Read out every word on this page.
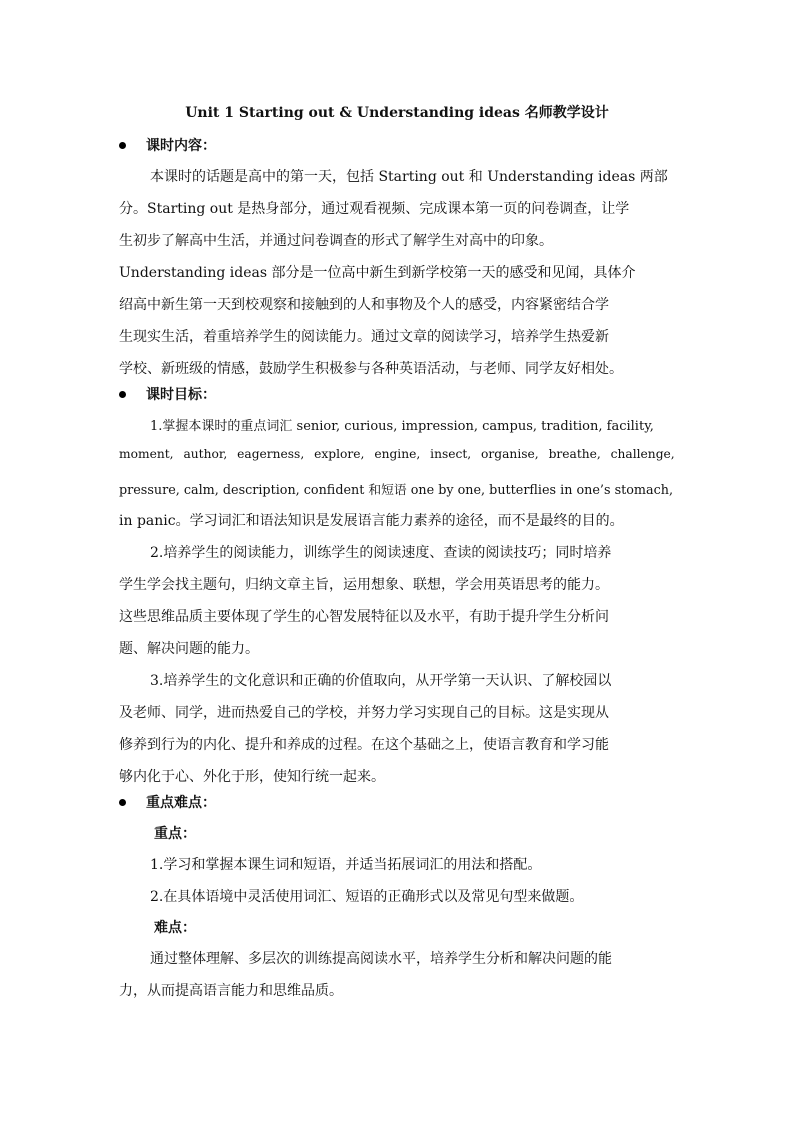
Unit 1 Starting out & Understanding ideas 名师教学设计
课时内容：
本课时的话题是高中的第一天，包括 Starting out 和 Understanding ideas 两部
分。Starting out 是热身部分，通过观看视频、完成课本第一页的问卷调查，让学
生初步了解高中生活，并通过问卷调查的形式了解学生对高中的印象。
Understanding ideas 部分是一位高中新生到新学校第一天的感受和见闻，具体介
绍高中新生第一天到校观察和接触到的人和事物及个人的感受，内容紧密结合学
生现实生活，着重培养学生的阅读能力。通过文章的阅读学习，培养学生热爱新
学校、新班级的情感，鼓励学生积极参与各种英语活动，与老师、同学友好相处。
课时目标：
1.掌握本课时的重点词汇 senior, curious, impression, campus, tradition, facility,
moment, author, eagerness, explore, engine, insect, organise, breathe, challenge,
pressure, calm, description, confident 和短语 one by one, butterflies in one’s stomach,
in panic。学习词汇和语法知识是发展语言能力素养的途径，而不是最终的目的。
2.培养学生的阅读能力，训练学生的阅读速度、查读的阅读技巧；同时培养
学生学会找主题句，归纳文章主旨，运用想象、联想，学会用英语思考的能力。
这些思维品质主要体现了学生的心智发展特征以及水平，有助于提升学生分析问
题、解决问题的能力。
3.培养学生的文化意识和正确的价值取向，从开学第一天认识、了解校园以
及老师、同学，进而热爱自己的学校，并努力学习实现自己的目标。这是实现从
修养到行为的内化、提升和养成的过程。在这个基础之上，使语言教育和学习能
够内化于心、外化于形，使知行统一起来。
重点难点：
重点：
1.学习和掌握本课生词和短语，并适当拓展词汇的用法和搭配。
2.在具体语境中灵活使用词汇、短语的正确形式以及常见句型来做题。
难点：
通过整体理解、多层次的训练提高阅读水平，培养学生分析和解决问题的能
力，从而提高语言能力和思维品质。
